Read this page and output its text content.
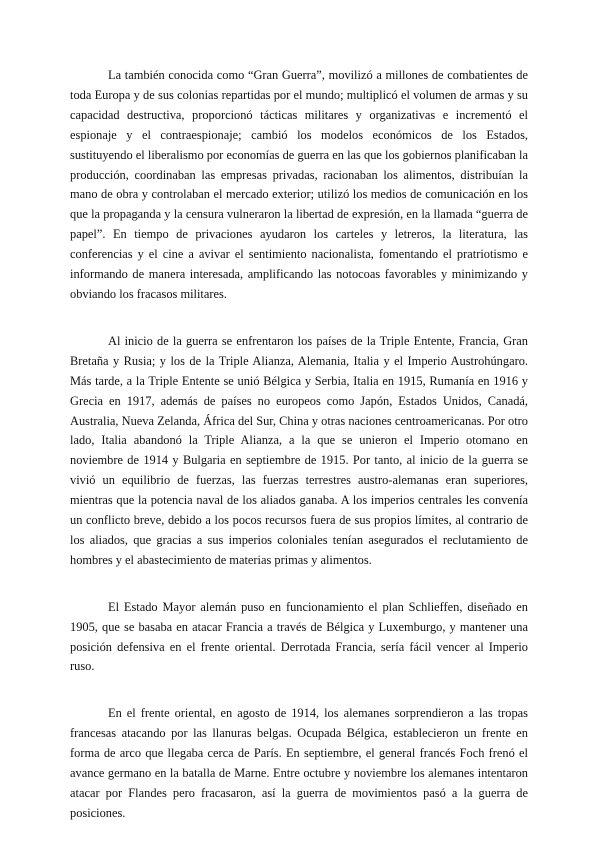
La también conocida como “Gran Guerra”, movilizó a millones de combatientes de toda Europa y de sus colonias repartidas por el mundo; multiplicó el volumen de armas y su capacidad destructiva, proporcionó tácticas militares y organizativas e incrementó el espionaje y el contraespionaje; cambió los modelos económicos de los Estados, sustituyendo el liberalismo por economías de guerra en las que los gobiernos planificaban la producción, coordinaban las empresas privadas, racionaban los alimentos, distribuían la mano de obra y controlaban el mercado exterior; utilizó los medios de comunicación en los que la propaganda y la censura vulneraron la libertad de expresión, en la llamada “guerra de papel”. En tiempo de privaciones ayudaron los carteles y letreros, la literatura, las conferencias y el cine a avivar el sentimiento nacionalista, fomentando el pratriotismo e informando de manera interesada, amplificando las notocoas favorables y minimizando y obviando los fracasos militares.

Al inicio de la guerra se enfrentaron los países de la Triple Entente, Francia, Gran Bretaña y Rusia; y los de la Triple Alianza, Alemania, Italia y el Imperio Austrohúngaro. Más tarde, a la Triple Entente se unió Bélgica y Serbia, Italia en 1915, Rumanía en 1916 y Grecia en 1917, además de países no europeos como Japón, Estados Unidos, Canadá, Australia, Nueva Zelanda, África del Sur, China y otras naciones centroamericanas. Por otro lado, Italia abandonó la Triple Alianza, a la que se unieron el Imperio otomano en noviembre de 1914 y Bulgaria en septiembre de 1915. Por tanto, al inicio de la guerra se vivió un equilibrio de fuerzas, las fuerzas terrestres austro-alemanas eran superiores, mientras que la potencia naval de los aliados ganaba. A los imperios centrales les convenía un conflicto breve, debido a los pocos recursos fuera de sus propios límites, al contrario de los aliados, que gracias a sus imperios coloniales tenían asegurados el reclutamiento de hombres y el abastecimiento de materias primas y alimentos.

El Estado Mayor alemán puso en funcionamiento el plan Schlieffen, diseñado en 1905, que se basaba en atacar Francia a través de Bélgica y Luxemburgo, y mantener una posición defensiva en el frente oriental. Derrotada Francia, sería fácil vencer al Imperio ruso.

En el frente oriental, en agosto de 1914, los alemanes sorprendieron a las tropas francesas atacando por las llanuras belgas. Ocupada Bélgica, establecieron un frente en forma de arco que llegaba cerca de París. En septiembre, el general francés Foch frenó el avance germano en la batalla de Marne. Entre octubre y noviembre los alemanes intentaron atacar por Flandes pero fracasaron, así la guerra de movimientos pasó a la guerra de posiciones.
